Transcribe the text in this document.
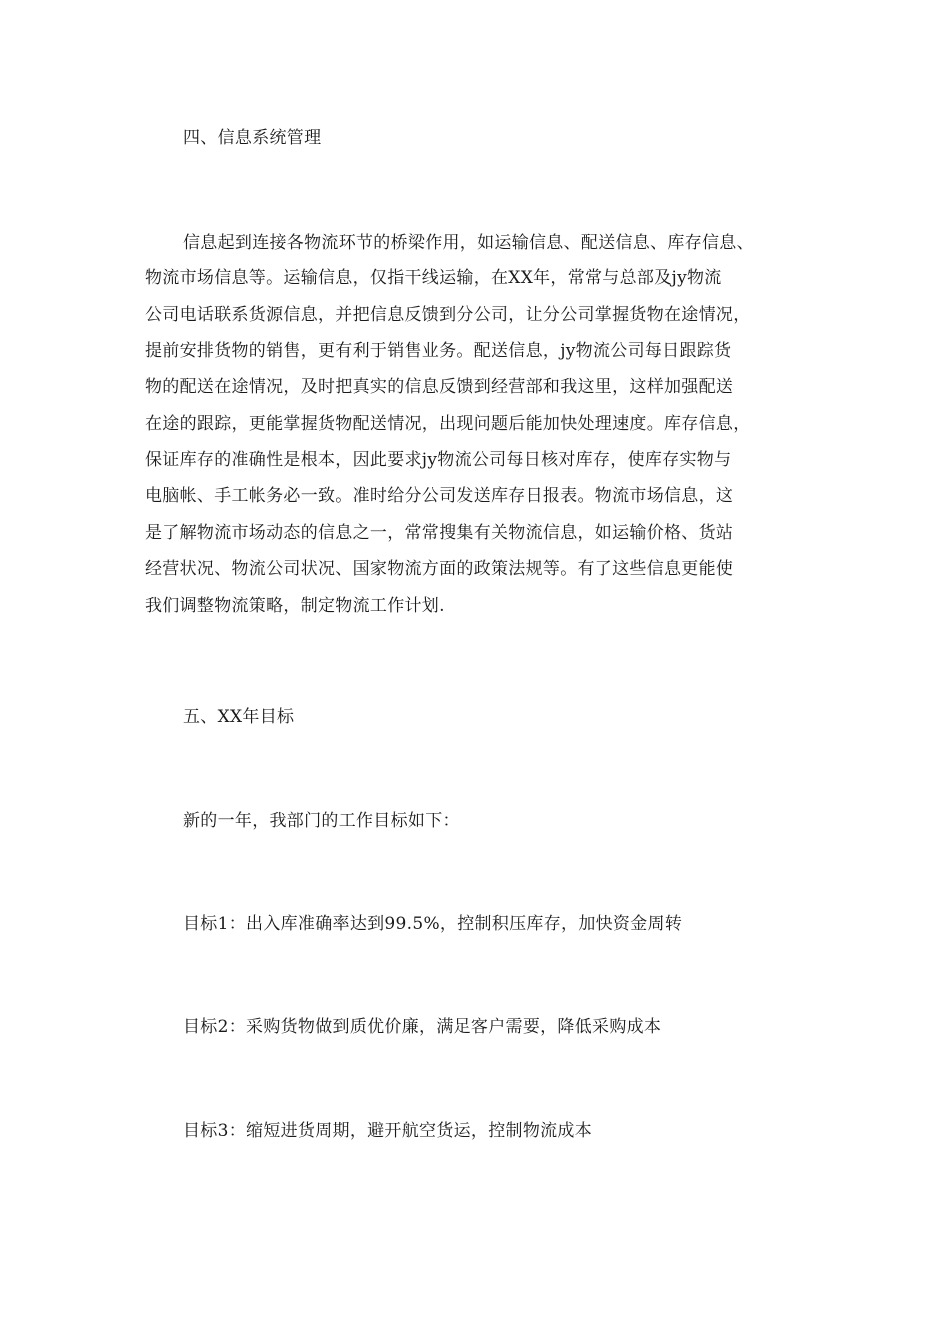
四、信息系统管理
信息起到连接各物流环节的桥梁作用，如运输信息、配送信息、库存信息、
物流市场信息等。运输信息，仅指干线运输，在XX年，常常与总部及jy物流
公司电话联系货源信息，并把信息反馈到分公司，让分公司掌握货物在途情况，
提前安排货物的销售，更有利于销售业务。配送信息，jy物流公司每日跟踪货
物的配送在途情况，及时把真实的信息反馈到经营部和我这里，这样加强配送
在途的跟踪，更能掌握货物配送情况，出现问题后能加快处理速度。库存信息，
保证库存的准确性是根本，因此要求jy物流公司每日核对库存，使库存实物与
电脑帐、手工帐务必一致。准时给分公司发送库存日报表。物流市场信息，这
是了解物流市场动态的信息之一，常常搜集有关物流信息，如运输价格、货站
经营状况、物流公司状况、国家物流方面的政策法规等。有了这些信息更能使
我们调整物流策略，制定物流工作计划.
五、XX年目标
新的一年，我部门的工作目标如下：
目标1：出入库准确率达到99.5%，控制积压库存，加快资金周转
目标2：采购货物做到质优价廉，满足客户需要，降低采购成本
目标3：缩短进货周期，避开航空货运，控制物流成本
